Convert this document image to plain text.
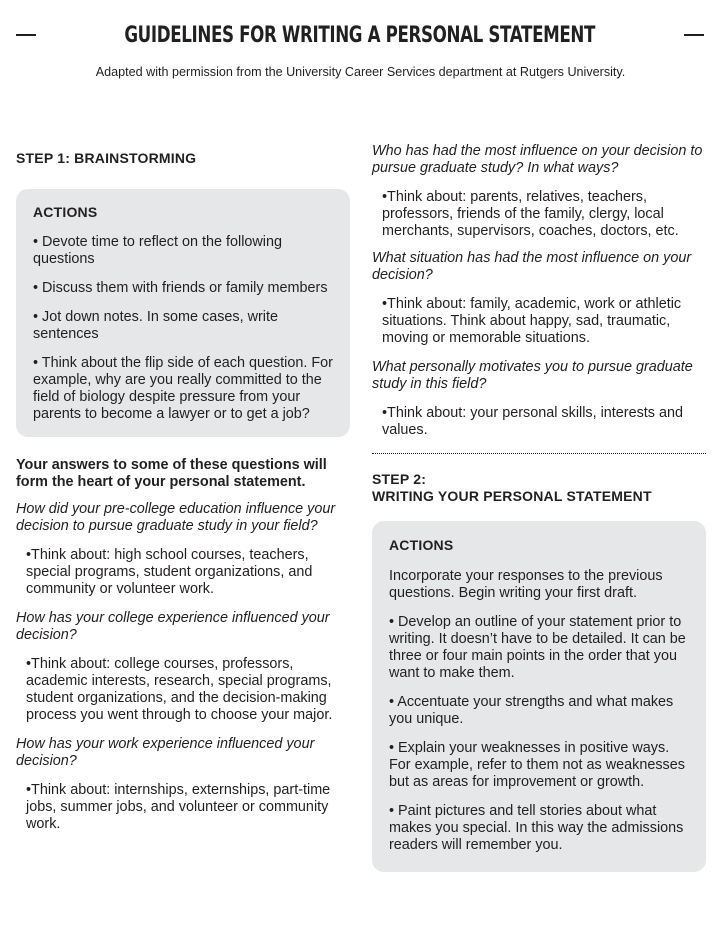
GUIDELINES FOR WRITING A PERSONAL STATEMENT
Adapted with permission from the University Career Services department at Rutgers University.
STEP 1: BRAINSTORMING
ACTIONS

• Devote time to reflect on the following questions

• Discuss them with friends or family members

• Jot down notes. In some cases, write sentences

• Think about the flip side of each question. For example, why are you really committed to the field of biology despite pressure from your parents to become a lawyer or to get a job?

Your answers to some of these questions will form the heart of your personal statement.

How did your pre-college education influence your decision to pursue graduate study in your field?

•Think about: high school courses, teachers, special programs, student organizations, and community or volunteer work.

How has your college experience influenced your decision?

•Think about: college courses, professors, academic interests, research, special programs, student organizations, and the decision-making process you went through to choose your major.

How has your work experience influenced your decision?

•Think about: internships, externships, part-time jobs, summer jobs, and volunteer or community work.

Who has had the most influence on your decision to pursue graduate study? In what ways?

•Think about: parents, relatives, teachers, professors, friends of the family, clergy, local merchants, supervisors, coaches, doctors, etc.

What situation has had the most influence on your decision?

•Think about: family, academic, work or athletic situations. Think about happy, sad, traumatic, moving or memorable situations.

What personally motivates you to pursue graduate study in this field?

•Think about: your personal skills, interests and values.

STEP 2:
WRITING YOUR PERSONAL STATEMENT
ACTIONS

Incorporate your responses to the previous questions. Begin writing your first draft.

• Develop an outline of your statement prior to writing. It doesn’t have to be detailed. It can be three or four main points in the order that you want to make them.

• Accentuate your strengths and what makes you unique.

• Explain your weaknesses in positive ways. For example, refer to them not as weaknesses but as areas for improvement or growth.

• Paint pictures and tell stories about what makes you special. In this way the admissions readers will remember you.
